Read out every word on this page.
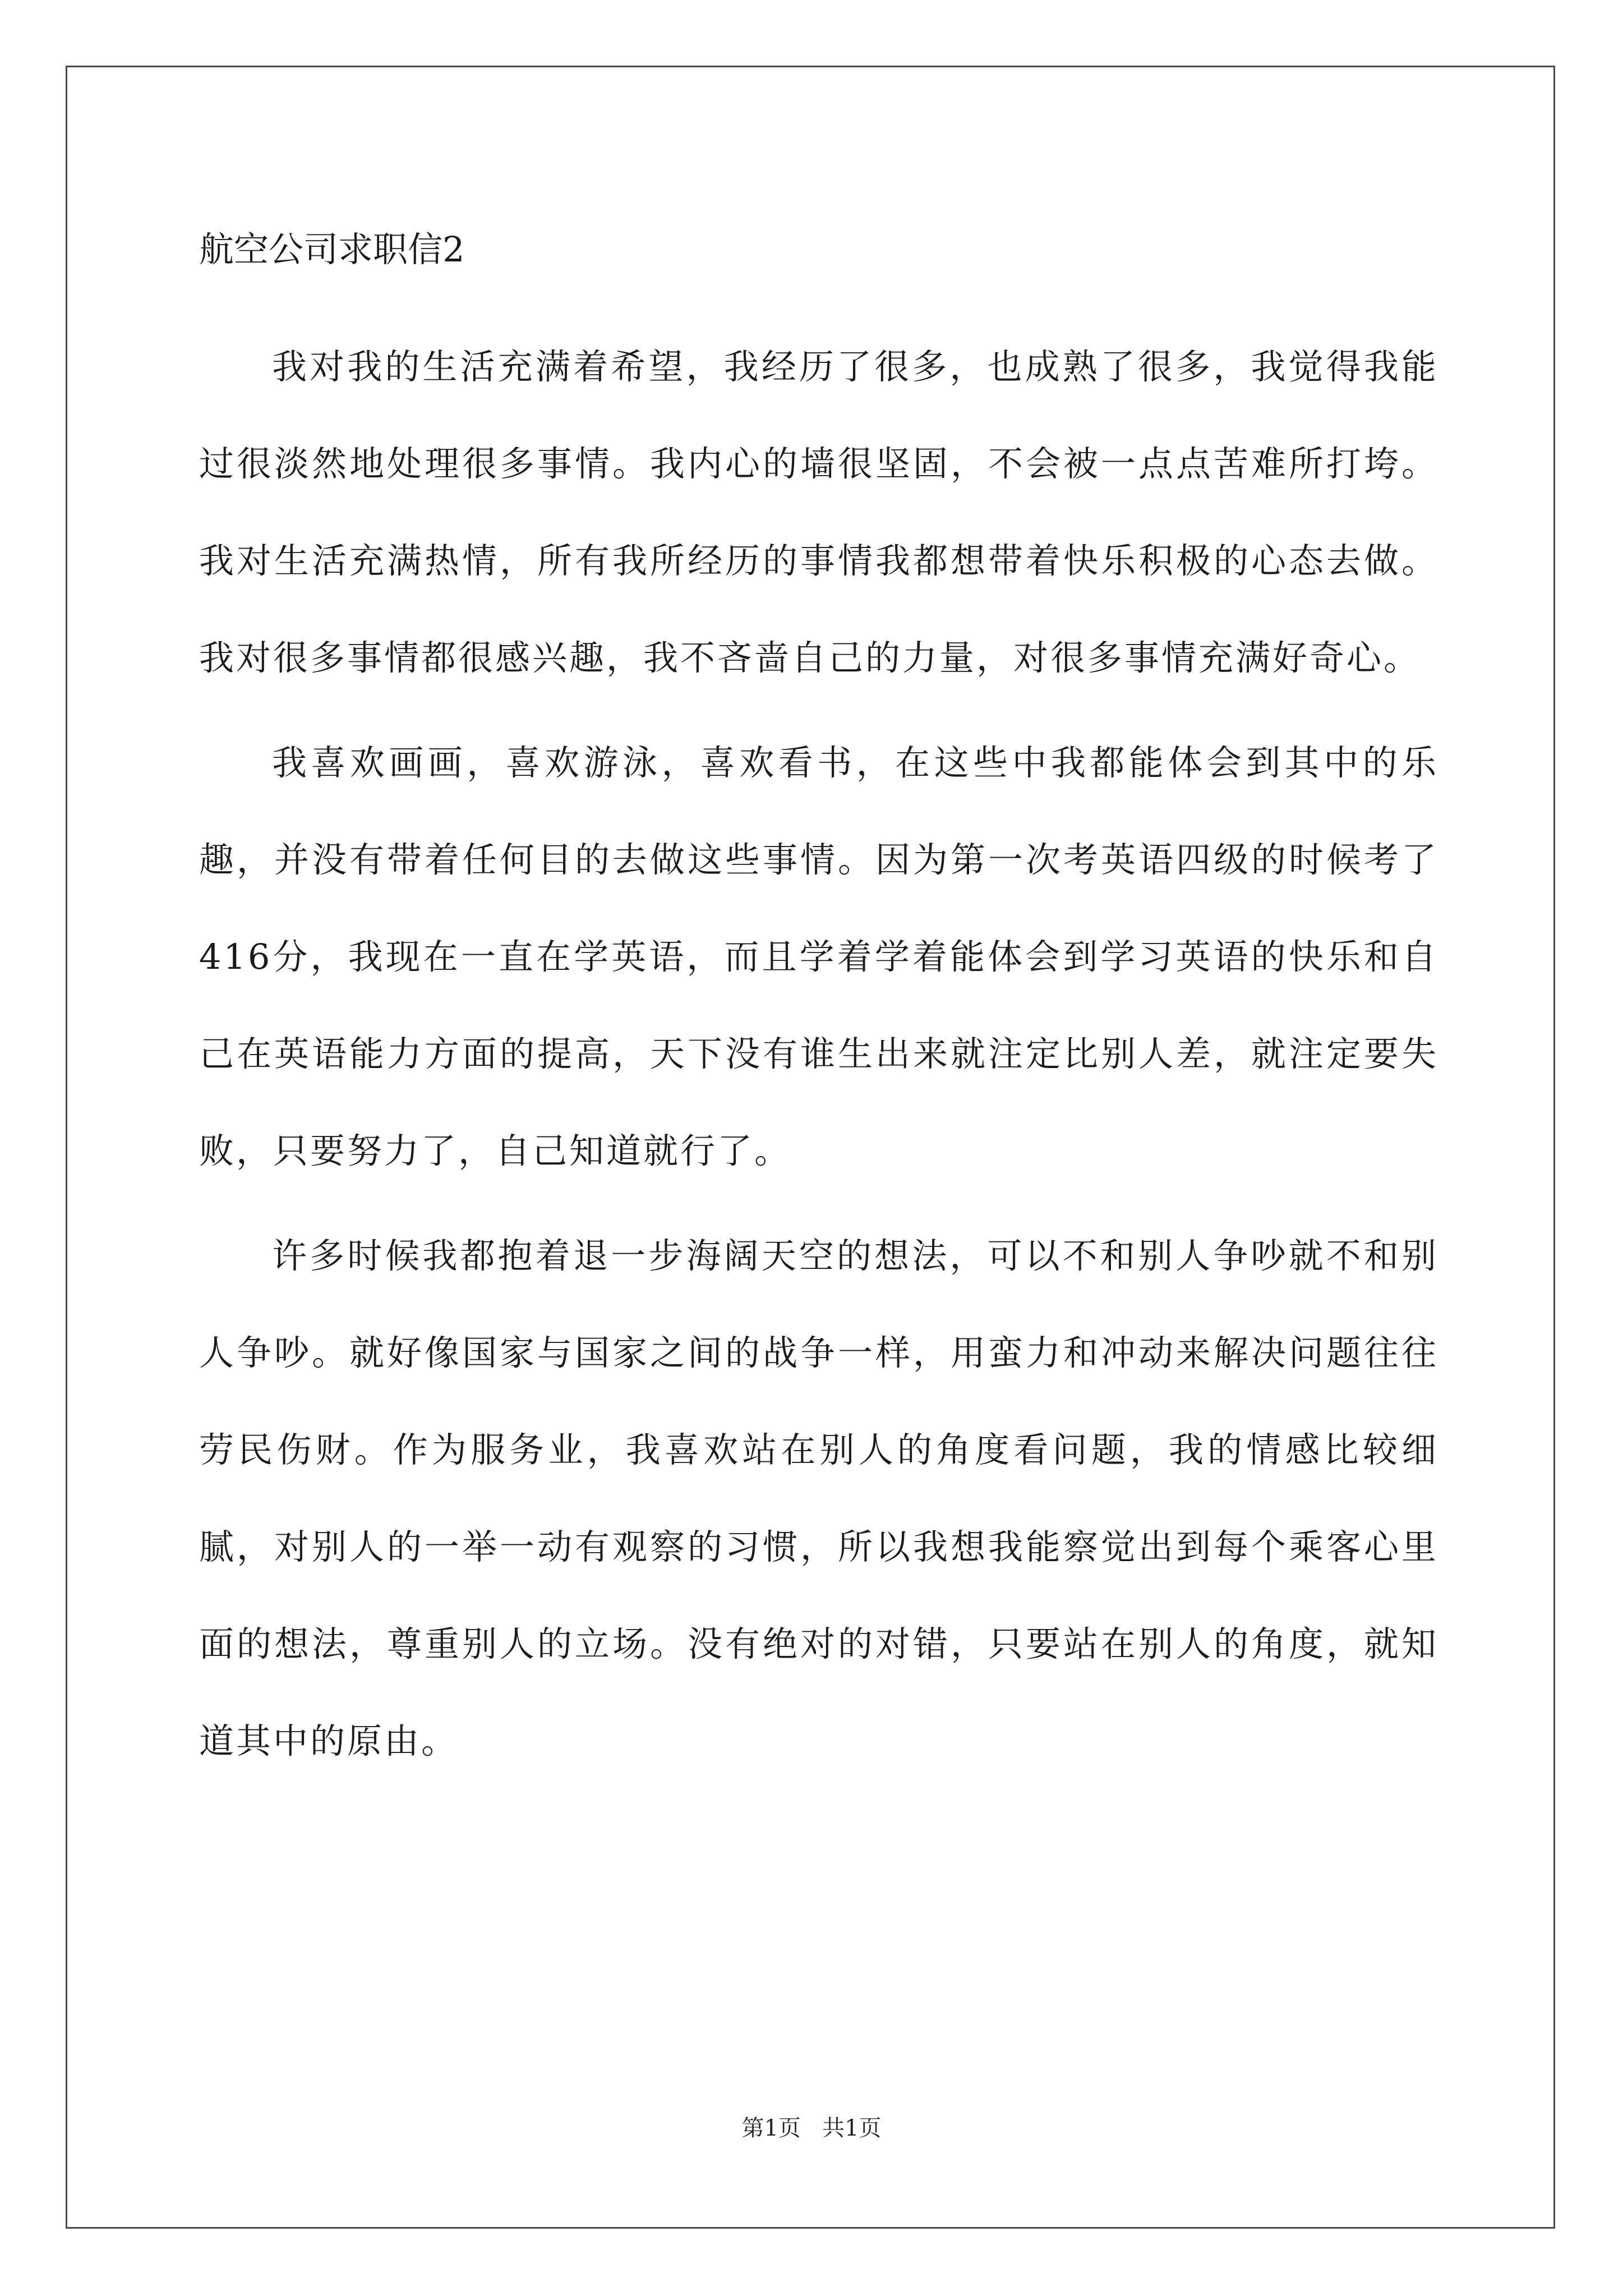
航空公司求职信2

我对我的生活充满着希望，我经历了很多，也成熟了很多，我觉得我能过很淡然地处理很多事情。我内心的墙很坚固，不会被一点点苦难所打垮。我对生活充满热情，所有我所经历的事情我都想带着快乐积极的心态去做。我对很多事情都很感兴趣，我不吝啬自己的力量，对很多事情充满好奇心。

我喜欢画画，喜欢游泳，喜欢看书，在这些中我都能体会到其中的乐趣，并没有带着任何目的去做这些事情。因为第一次考英语四级的时候考了416分，我现在一直在学英语，而且学着学着能体会到学习英语的快乐和自己在英语能力方面的提高，天下没有谁生出来就注定比别人差，就注定要失败，只要努力了，自己知道就行了。

许多时候我都抱着退一步海阔天空的想法，可以不和别人争吵就不和别人争吵。就好像国家与国家之间的战争一样，用蛮力和冲动来解决问题往往劳民伤财。作为服务业，我喜欢站在别人的角度看问题，我的情感比较细腻，对别人的一举一动有观察的习惯，所以我想我能察觉出到每个乘客心里面的想法，尊重别人的立场。没有绝对的对错，只要站在别人的角度，就知道其中的原由。

第1页   共1页
